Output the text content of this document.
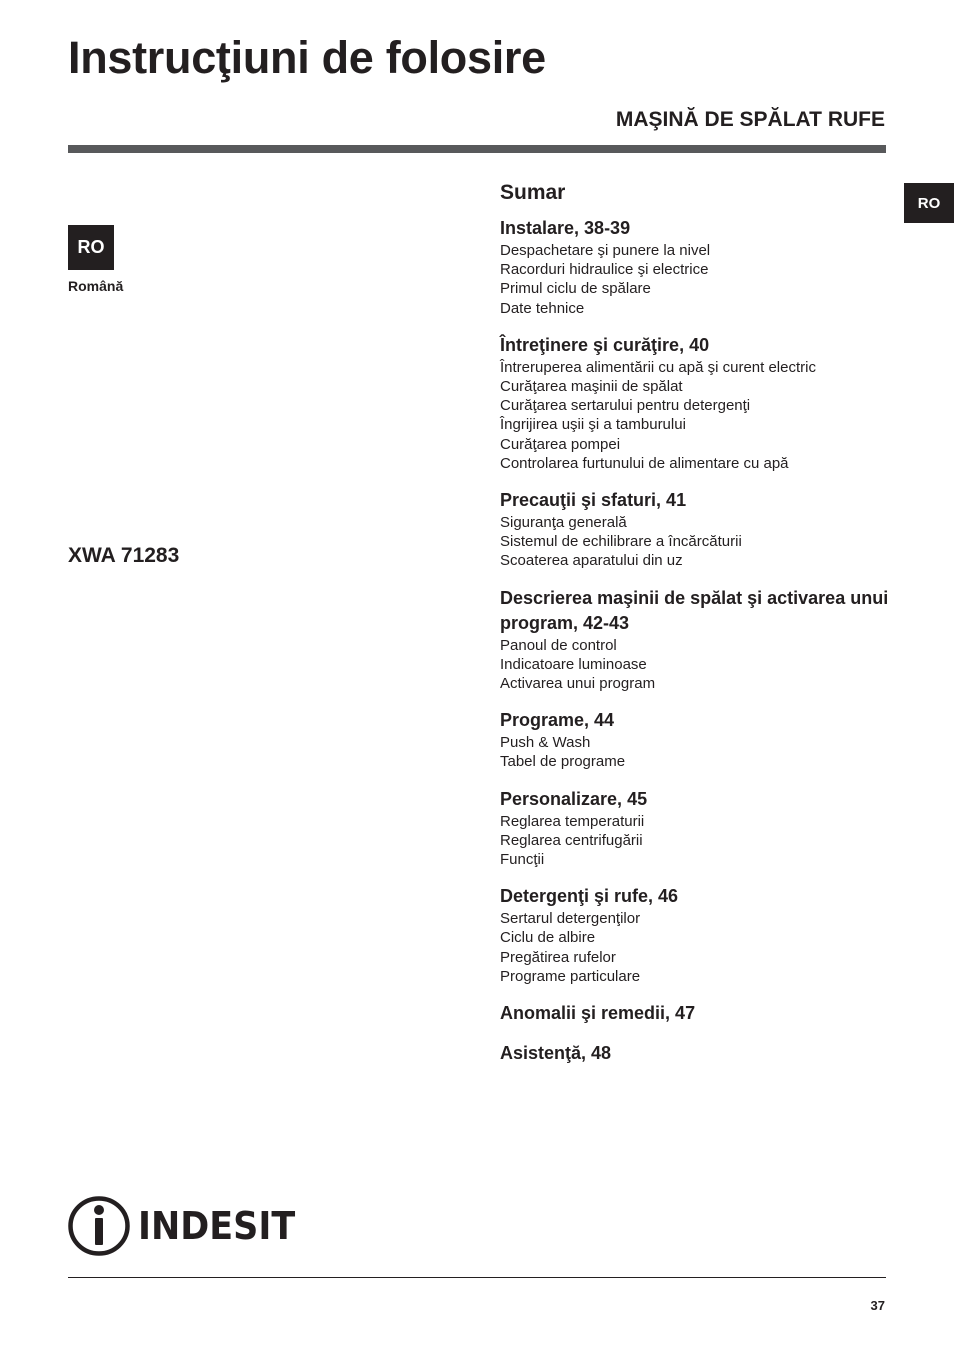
Instrucţiuni de folosire
MAŞINĂ DE SPĂLAT RUFE
RO
Română
RO
XWA 71283
Sumar
Instalare, 38-39
Despachetare şi punere la nivel
Racorduri hidraulice şi electrice
Primul ciclu de spălare
Date tehnice
Întreţinere şi curăţire, 40
Întreruperea alimentării cu apă şi curent electric
Curăţarea maşinii de spălat
Curăţarea sertarului pentru detergenţi
Îngrijirea uşii şi a tamburului
Curăţarea pompei
Controlarea furtunului de alimentare cu apă
Precauţii şi sfaturi, 41
Siguranţa generală
Sistemul de echilibrare a încărcăturii
Scoaterea aparatului din uz
Descrierea maşinii de spălat şi activarea unui program, 42-43
Panoul de control
Indicatoare luminoase
Activarea unui program
Programe, 44
Push & Wash
Tabel de programe
Personalizare, 45
Reglarea temperaturii
Reglarea centrifugării
Funcţii
Detergenţi şi rufe, 46
Sertarul detergenţilor
Ciclu de albire
Pregătirea rufelor
Programe particulare
Anomalii şi remedii, 47
Asistenţă, 48
INDESIT
37
